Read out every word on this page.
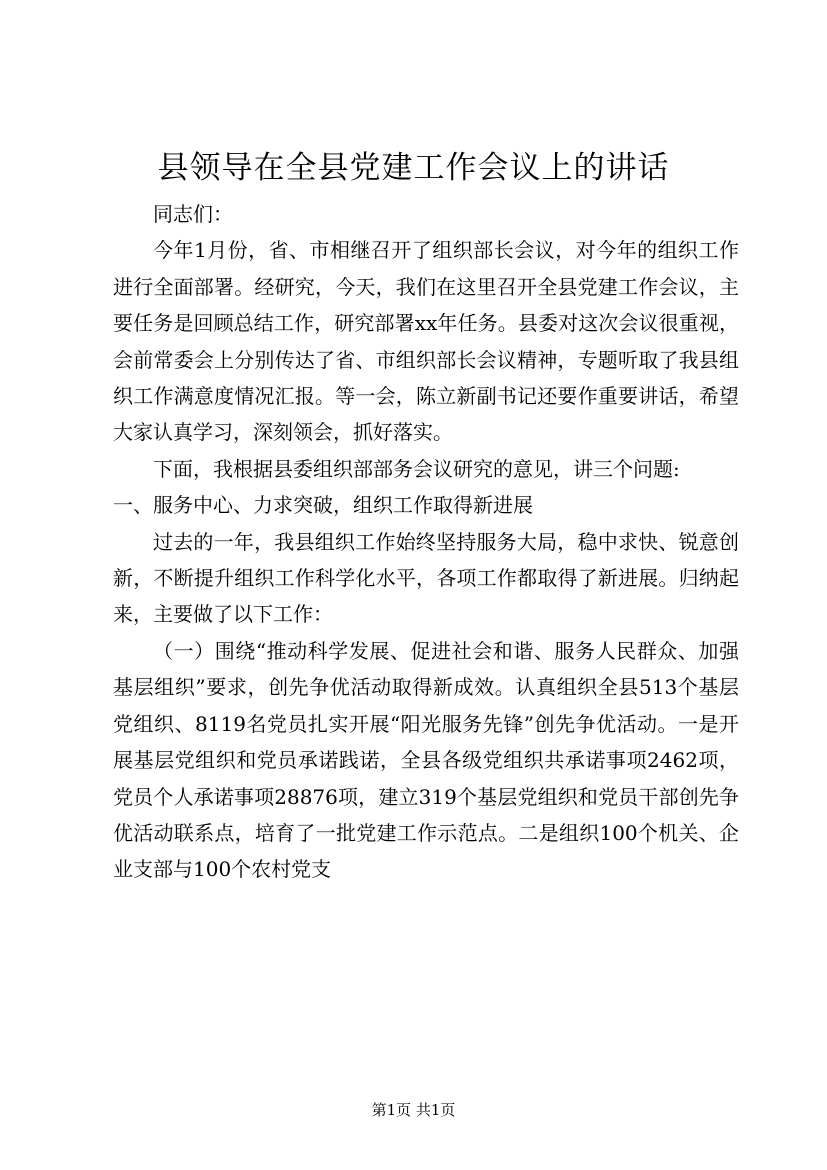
县领导在全县党建工作会议上的讲话

同志们：

今年1月份，省、市相继召开了组织部长会议，对今年的组织工作进行全面部署。经研究，今天，我们在这里召开全县党建工作会议，主要任务是回顾总结工作，研究部署xx年任务。县委对这次会议很重视，会前常委会上分别传达了省、市组织部长会议精神，专题听取了我县组织工作满意度情况汇报。等一会，陈立新副书记还要作重要讲话，希望大家认真学习，深刻领会，抓好落实。

下面，我根据县委组织部部务会议研究的意见，讲三个问题:

一、服务中心、力求突破，组织工作取得新进展

过去的一年，我县组织工作始终坚持服务大局，稳中求快、锐意创新，不断提升组织工作科学化水平，各项工作都取得了新进展。归纳起来，主要做了以下工作：

（一）围绕“推动科学发展、促进社会和谐、服务人民群众、加强基层组织”要求，创先争优活动取得新成效。认真组织全县513个基层党组织、8119名党员扎实开展“阳光服务先锋”创先争优活动。一是开展基层党组织和党员承诺践诺，全县各级党组织共承诺事项2462项，党员个人承诺事项28876项，建立319个基层党组织和党员干部创先争优活动联系点，培育了一批党建工作示范点。二是组织100个机关、企业支部与100个农村党支

第1页 共1页
